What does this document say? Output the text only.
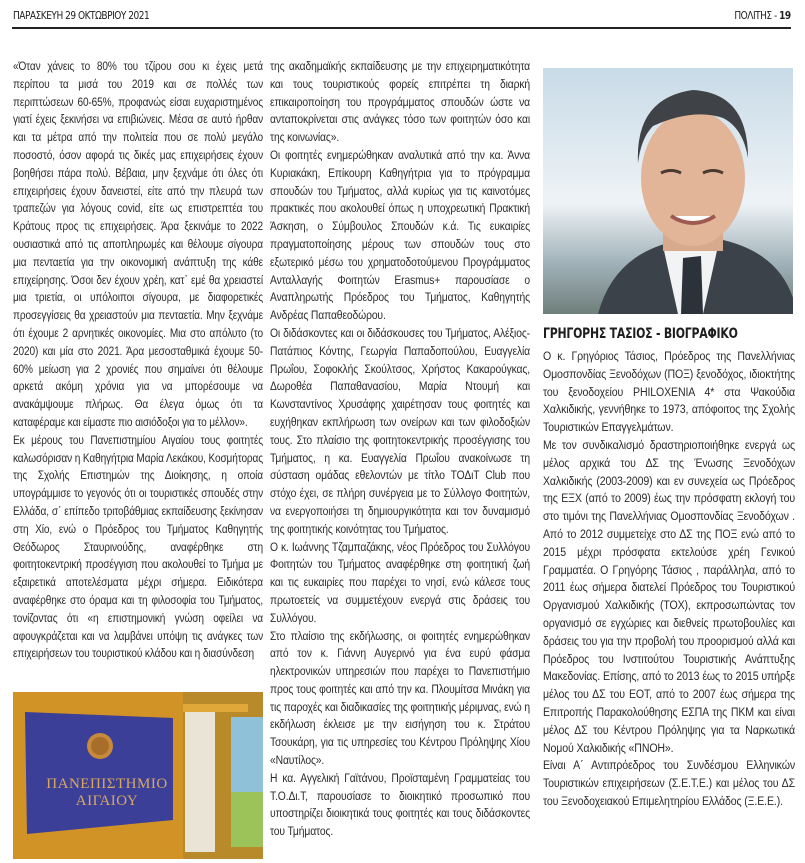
ΠΑΡΑΣΚΕΥΗ 29 ΟΚΤΩΒΡΙΟΥ 2021	ΠΟΛΙΤΗΣ - 19

«Όταν χάνεις το 80% του τζίρου σου κι έχεις μετά περίπου τα μισά του 2019 και σε πολλές των περιπτώσεων 60-65%, προφανώς είσαι ευχαριστημένος γιατί έχεις ξεκινήσει να επιβιώνεις. Μέσα σε αυτό ήρθαν και τα μέτρα από την πολιτεία που σε πολύ μεγάλο ποσοστό, όσον αφορά τις δικές μας επιχειρήσεις έχουν βοηθήσει πάρα πολύ. Βέβαια, μην ξεχνάμε ότι όλες ότι επιχειρήσεις έχουν δανειστεί, είτε από την πλευρά των τραπεζών για λόγους covid, είτε ως επιστρεπτέα του Κράτους προς τις επιχειρήσεις. Άρα ξεκινάμε το 2022 ουσιαστικά από τις αποπληρωμές και θέλουμε σίγουρα μια πενταετία για την οικονομική ανάπτυξη της κάθε επιχείρησης. Όσοι δεν έχουν χρέη, κατ᾽ εμέ θα χρειαστεί μια τριετία, οι υπόλοιποι σίγουρα, με διαφορετικές προσεγγίσεις θα χρειαστούν μια πενταετία. Μην ξεχνάμε ότι έχουμε 2 αρνητικές οικονομίες. Μια στο απόλυτο (το 2020) και μία στο 2021. Άρα μεσοσταθμικά έχουμε 50-60% μείωση για 2 χρονιές που σημαίνει ότι θέλουμε αρκετά ακόμη χρόνια για να μπορέσουμε να ανακάμψουμε πλήρως. Θα έλεγα όμως ότι τα καταφέραμε και είμαστε πιο αισιόδοξοι για το μέλλον».

Εκ μέρους του Πανεπιστημίου Αιγαίου τους φοιτητές καλωσόρισαν η Καθηγήτρια Μαρία Λεκάκου, Κοσμήτορας της Σχολής Επιστημών της Διοίκησης, η οποία υπογράμμισε το γεγονός ότι οι τουριστικές σπουδές στην Ελλάδα, σ᾽ επίπεδο τριτοβάθμιας εκπαίδευσης ξεκίνησαν στη Χίο, ενώ ο Πρόεδρος του Τμήματος Καθηγητής Θεόδωρος Σταυρινούδης, αναφέρθηκε στη φοιτητοκεντρική προσέγγιση που ακολουθεί το Τμήμα με εξαιρετικά αποτελέσματα μέχρι σήμερα. Ειδικότερα αναφέρθηκε στο όραμα και τη φιλοσοφία του Τμήματος, τονίζοντας ότι «η επιστημονική γνώση οφείλει να αφουγκράζεται και να λαμβάνει υπόψη τις ανάγκες των επιχειρήσεων του τουριστικού κλάδου και η διασύνδεση

ΠΑΝΕΠΙΣΤΗΜΙΟ
ΑΙΓΑΙΟΥ

της ακαδημαϊκής εκπαίδευσης με την επιχειρηματικότητα και τους τουριστικούς φορείς επιτρέπει τη διαρκή επικαιροποίηση του προγράμματος σπουδών ώστε να ανταποκρίνεται στις ανάγκες τόσο των φοιτητών όσο και της κοινωνίας».

Οι φοιτητές ενημερώθηκαν αναλυτικά από την κα. Άννα Κυριακάκη, Επίκουρη Καθηγήτρια για το πρόγραμμα σπουδών του Τμήματος, αλλά κυρίως για τις καινοτόμες πρακτικές που ακολουθεί όπως η υποχρεωτική Πρακτική Άσκηση, ο Σύμβουλος Σπουδών κ.ά. Τις ευκαιρίες πραγματοποίησης μέρους των σπουδών τους στο εξωτερικό μέσω του χρηματοδοτούμενου Προγράμματος Ανταλλαγής Φοιτητών Erasmus+ παρουσίασε ο Αναπληρωτής Πρόεδρος του Τμήματος, Καθηγητής Ανδρέας Παπαθεοδώρου.

Οι διδάσκοντες και οι διδάσκουσες του Τμήματος, Αλέξιος-Πατάπιος Κόντης, Γεωργία Παπαδοπούλου, Ευαγγελία Πρωΐου, Σοφοκλής Σκούλτσος, Χρήστος Κακαρούγκας, Δωροθέα Παπαθανασίου, Μαρία Ντουμή και Κωνσταντίνος Χρυσάφης χαιρέτησαν τους φοιτητές και ευχήθηκαν εκπλήρωση των ονείρων και των φιλοδοξιών τους. Στο πλαίσιο της φοιτητοκεντρικής προσέγγισης του Τμήματος, η κα. Ευαγγελία Πρωΐου ανακοίνωσε τη σύσταση ομάδας εθελοντών με τίτλο ΤΟΔιΤ Club που στόχο έχει, σε πλήρη συνέργεια με το Σύλλογο Φοιτητών, να ενεργοποιήσει τη δημιουργικότητα και τον δυναμισμό της φοιτητικής κοινότητας του Τμήματος.

Ο κ. Ιωάννης Τζαμπαζάκης, νέος Πρόεδρος του Συλλόγου Φοιτητών του Τμήματος αναφέρθηκε στη φοιτητική ζωή και τις ευκαιρίες που παρέχει το νησί, ενώ κάλεσε τους πρωτοετείς να συμμετέχουν ενεργά στις δράσεις του Συλλόγου.

Στο πλαίσιο της εκδήλωσης, οι φοιτητές ενημερώθηκαν από τον κ. Γιάννη Αυγερινό για ένα ευρύ φάσμα ηλεκτρονικών υπηρεσιών που παρέχει το Πανεπιστήμιο προς τους φοιτητές και από την κα. Πλουμίτσα Μινάκη για τις παροχές και διαδικασίες της φοιτητικής μέριμνας, ενώ η εκδήλωση έκλεισε με την εισήγηση του κ. Στράτου Τσουκάρη, για τις υπηρεσίες του Κέντρου Πρόληψης Χίου «Ναυτίλος».

Η κα. Αγγελική Γαϊτάνου, Προϊσταμένη Γραμματείας του Τ.Ο.Δι.Τ, παρουσίασε το διοικητικό προσωπικό που υποστηρίζει διοικητικά τους φοιτητές και τους διδάσκοντες του Τμήματος.

ΓΡΗΓΟΡΗΣ ΤΑΣΙΟΣ - ΒΙΟΓΡΑΦΙΚΟ

Ο κ. Γρηγόριος Τάσιος, Πρόεδρος της Πανελλήνιας Ομοσπονδίας Ξενοδόχων (ΠΟΞ) ξενοδόχος, ιδιοκτήτης του ξενοδοχείου PHILOXENIA 4* στα Ψακούδια Χαλκιδικής, γεννήθηκε το 1973, απόφοιτος της Σχολής Τουριστικών Επαγγελμάτων.

Με τον συνδικαλισμό δραστηριοποιήθηκε ενεργά ως μέλος αρχικά του ΔΣ της Ένωσης Ξενοδόχων Χαλκιδικής (2003-2009) και εν συνεχεία ως Πρόεδρος της ΕΞΧ (από το 2009) έως την πρόσφατη εκλογή του στο τιμόνι της Πανελλήνιας Ομοσπονδίας Ξενοδόχων . Από το 2012 συμμετείχε στο ΔΣ της ΠΟΞ ενώ από το 2015 μέχρι πρόσφατα εκτελούσε χρέη Γενικού Γραμματέα. Ο Γρηγόρης Τάσιος , παράλληλα, από το 2011 έως σήμερα διατελεί Πρόεδρος του Τουριστικού Οργανισμού Χαλκιδικής (ΤΟΧ), εκπροσωπώντας τον οργανισμό σε εγχώριες και διεθνείς πρωτοβουλίες και δράσεις του για την προβολή του προορισμού αλλά και Πρόεδρος του Ινστιτούτου Τουριστικής Ανάπτυξης Μακεδονίας. Επίσης, από το 2013 έως το 2015 υπήρξε μέλος του ΔΣ του ΕΟΤ, από το 2007 έως σήμερα της Επιτροπής Παρακολούθησης ΕΣΠΑ της ΠΚΜ και είναι μέλος ΔΣ του Κέντρου Πρόληψης για τα Ναρκωτικά Νομού Χαλκιδικής «ΠΝΟΗ».

Είναι Α΄ Αντιπρόεδρος του Συνδέσμου Ελληνικών Τουριστικών επιχειρήσεων (Σ.Ε.Τ.Ε.) και μέλος του ΔΣ του Ξενοδοχειακού Επιμελητηρίου Ελλάδος (Ξ.Ε.Ε.).
